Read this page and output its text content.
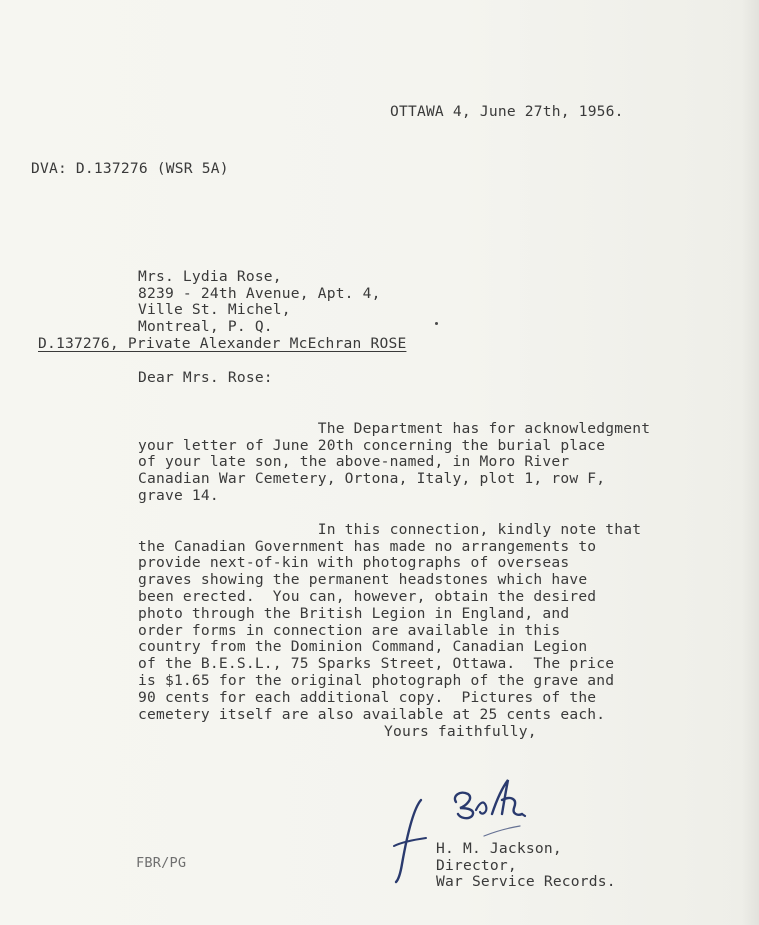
OTTAWA 4, June 27th, 1956.
DVA: D.137276 (WSR 5A)

Mrs. Lydia Rose,
8239 - 24th Avenue, Apt. 4,
Ville St. Michel,
Montreal, P. Q.
D.137276, Private Alexander McEchran ROSE
Dear Mrs. Rose:

The Department has for acknowledgment
your letter of June 20th concerning the burial place
of your late son, the above-named, in Moro River
Canadian War Cemetery, Ortona, Italy, plot 1, row F,
grave 14.

In this connection, kindly note that
the Canadian Government has made no arrangements to
provide next-of-kin with photographs of overseas
graves showing the permanent headstones which have
been erected.  You can, however, obtain the desired
photo through the British Legion in England, and
order forms in connection are available in this
country from the Dominion Command, Canadian Legion
of the B.E.S.L., 75 Sparks Street, Ottawa.  The price
is $1.65 for the original photograph of the grave and
90 cents for each additional copy.  Pictures of the
cemetery itself are also available at 25 cents each.
Yours faithfully,

H. M. Jackson,
Director,
War Service Records.
FBR/PG
